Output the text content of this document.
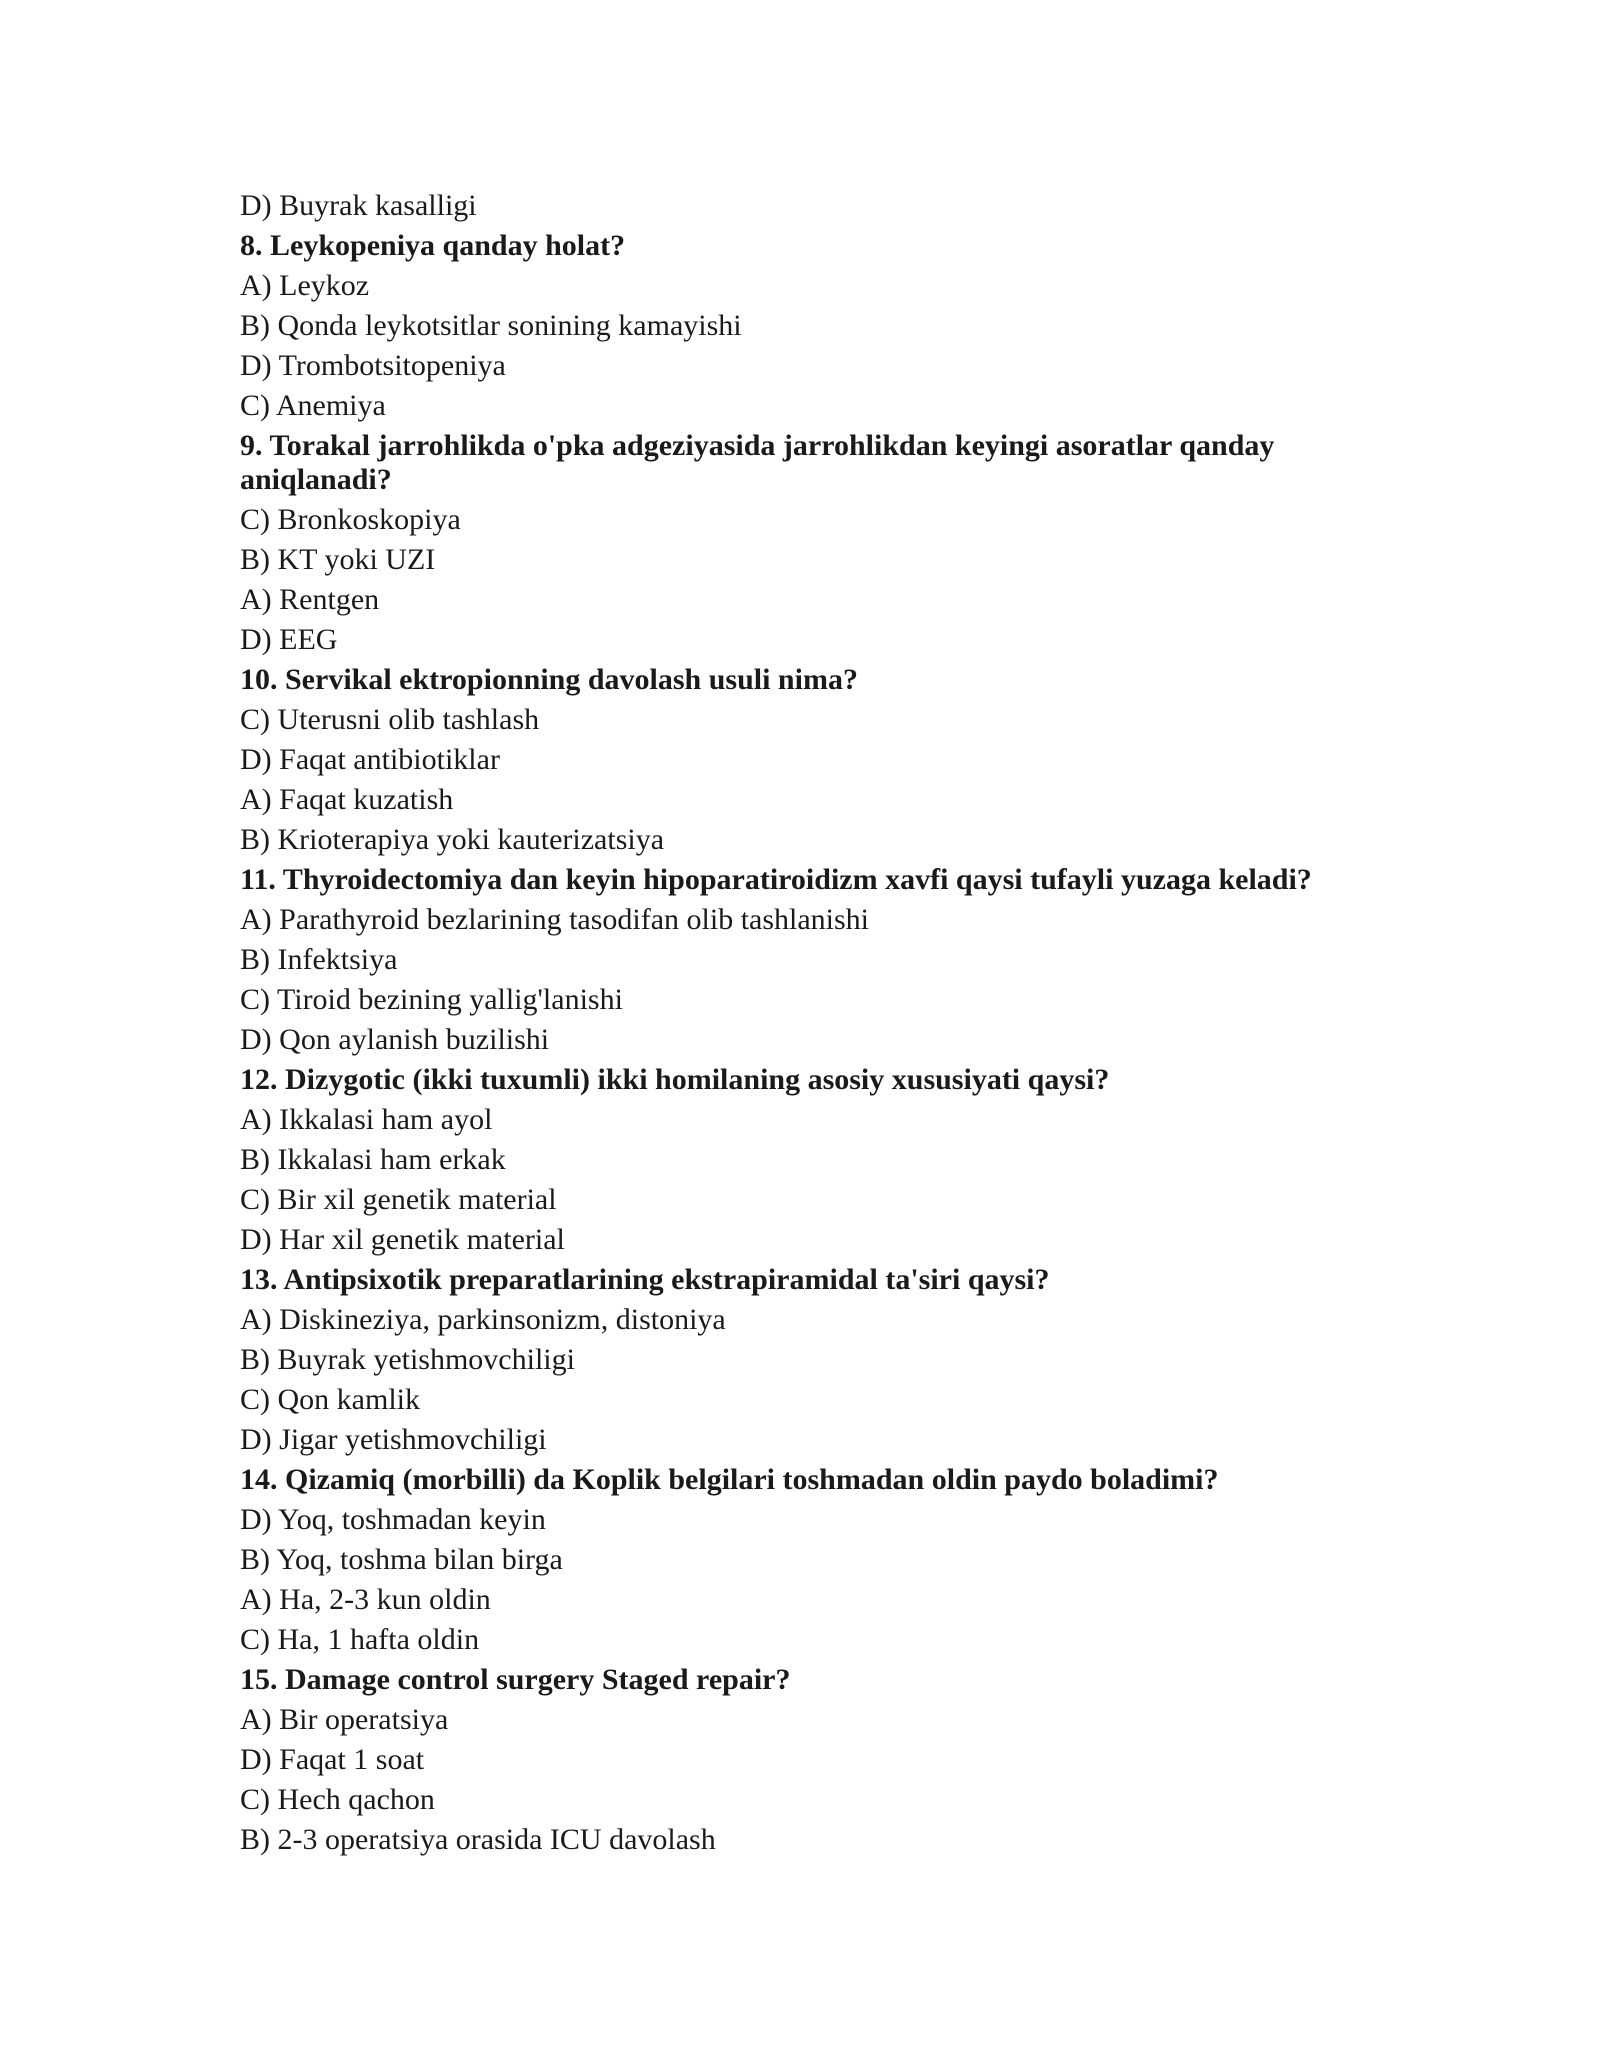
D) Buyrak kasalligi

8. Leykopeniya qanday holat?

A) Leykoz

B) Qonda leykotsitlar sonining kamayishi

D) Trombotsitopeniya

C) Anemiya

9. Torakal jarrohlikda o'pka adgeziyasida jarrohlikdan keyingi asoratlar qanday aniqlanadi?

C) Bronkoskopiya

B) KT yoki UZI

A) Rentgen

D) EEG

10. Servikal ektropionning davolash usuli nima?

C) Uterusni olib tashlash

D) Faqat antibiotiklar

A) Faqat kuzatish

B) Krioterapiya yoki kauterizatsiya

11. Thyroidectomiya dan keyin hipoparatiroidizm xavfi qaysi tufayli yuzaga keladi?

A) Parathyroid bezlarining tasodifan olib tashlanishi

B) Infektsiya

C) Tiroid bezining yallig'lanishi

D) Qon aylanish buzilishi

12. Dizygotic (ikki tuxumli) ikki homilaning asosiy xususiyati qaysi?

A) Ikkalasi ham ayol

B) Ikkalasi ham erkak

C) Bir xil genetik material

D) Har xil genetik material

13. Antipsixotik preparatlarining ekstrapiramidal ta'siri qaysi?

A) Diskineziya, parkinsonizm, distoniya

B) Buyrak yetishmovchiligi

C) Qon kamlik

D) Jigar yetishmovchiligi

14. Qizamiq (morbilli) da Koplik belgilari toshmadan oldin paydo boladimi?

D) Yoq, toshmadan keyin

B) Yoq, toshma bilan birga

A) Ha, 2-3 kun oldin

C) Ha, 1 hafta oldin

15. Damage control surgery Staged repair?

A) Bir operatsiya

D) Faqat 1 soat

C) Hech qachon

B) 2-3 operatsiya orasida ICU davolash
